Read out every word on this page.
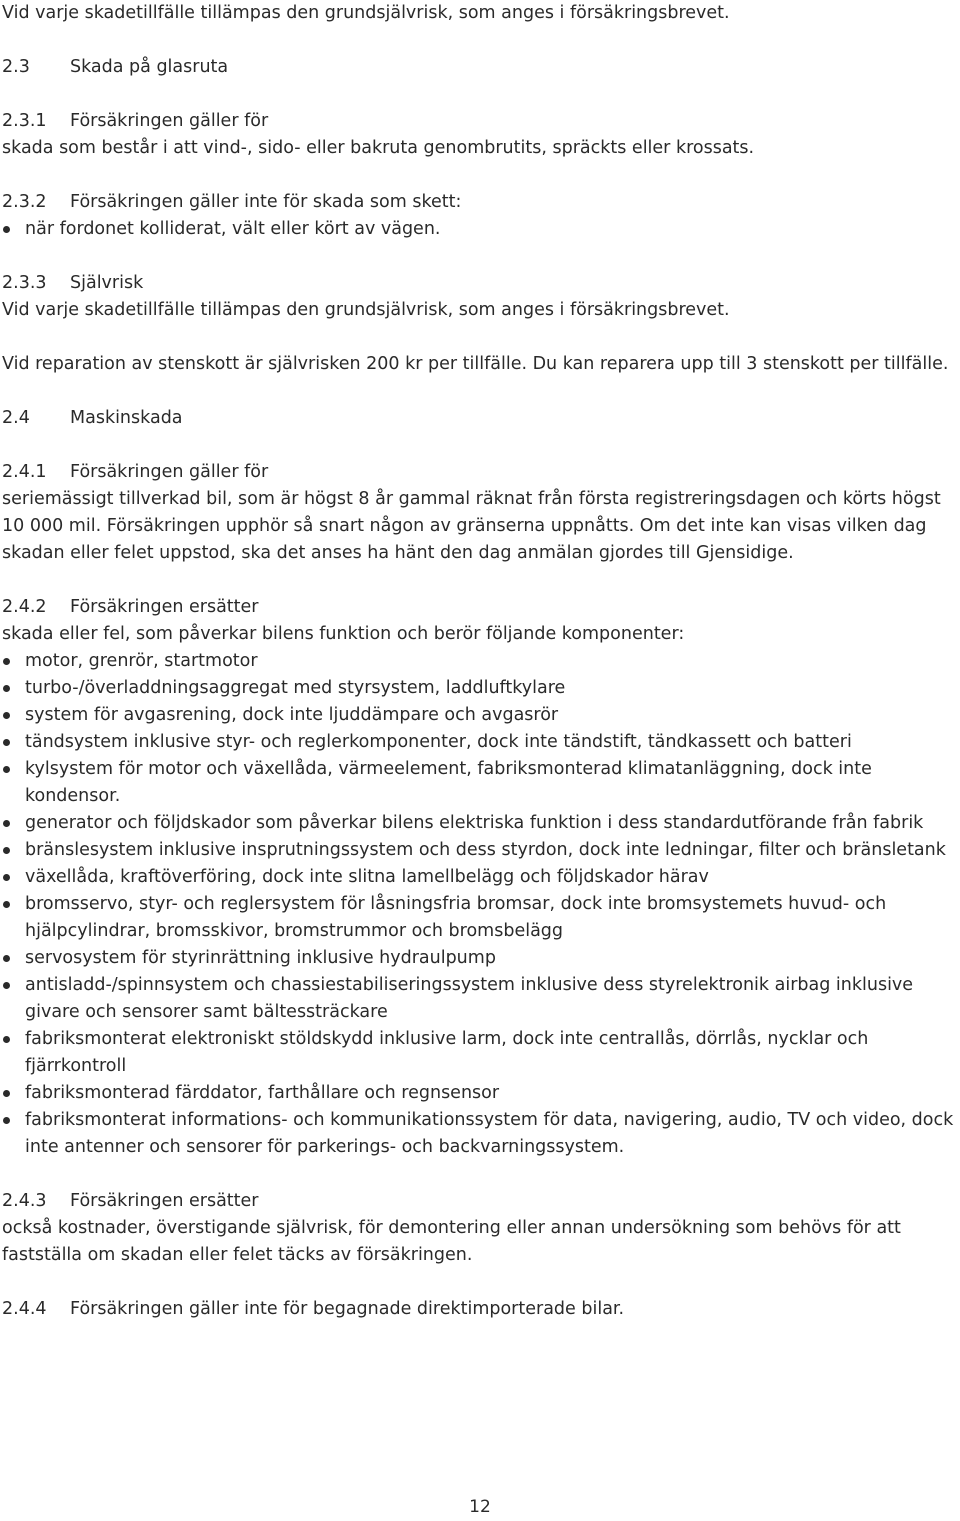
Vid varje skadetillfälle tillämpas den grundsjälvrisk, som anges i försäkringsbrevet.

2.3	Skada på glasruta

2.3.1	Försäkringen gäller för

skada som består i att vind-, sido- eller bakruta genombrutits, spräckts eller krossats.

2.3.2	Försäkringen gäller inte för skada som skett:

när fordonet kolliderat, vält eller kört av vägen.

2.3.3	Självrisk

Vid varje skadetillfälle tillämpas den grundsjälvrisk, som anges i försäkringsbrevet.

Vid reparation av stenskott är självrisken 200 kr per tillfälle. Du kan reparera upp till 3 stenskott per tillfälle.

2.4	Maskinskada

2.4.1	Försäkringen gäller för

seriemässigt tillverkad bil, som är högst 8 år gammal räknat från första registreringsdagen och körts högst 10 000 mil. Försäkringen upphör så snart någon av gränserna uppnåtts. Om det inte kan visas vilken dag skadan eller felet uppstod, ska det anses ha hänt den dag anmälan gjordes till Gjensidige.

2.4.2	Försäkringen ersätter

skada eller fel, som påverkar bilens funktion och berör följande komponenter:

motor, grenrör, startmotor
turbo-/överladdningsaggregat med styrsystem, laddluftkylare
system för avgasrening, dock inte ljuddämpare och avgasrör
tändsystem inklusive styr- och reglerkomponenter, dock inte tändstift, tändkassett och batteri
kylsystem för motor och växellåda, värmeelement, fabriksmonterad klimatanläggning, dock inte kondensor.
generator och följdskador som påverkar bilens elektriska funktion i dess standardutförande från fabrik
bränslesystem inklusive insprutningssystem och dess styrdon, dock inte ledningar, filter och bränsletank
växellåda, kraftöverföring, dock inte slitna lamellbelägg och följdskador härav
bromsservo, styr- och reglersystem för låsningsfria bromsar, dock inte bromsystemets huvud- och hjälpcylindrar, bromsskivor, bromstrummor och bromsbelägg
servosystem för styrinrättning inklusive hydraulpump
antisladd-/spinnsystem och chassiestabiliseringssystem inklusive dess styrelektronik airbag inklusive givare och sensorer samt bältessträckare
fabriksmonterat elektroniskt stöldskydd inklusive larm, dock inte centrallås, dörrlås, nycklar och fjärrkontroll
fabriksmonterad färddator, farthållare och regnsensor
fabriksmonterat informations- och kommunikationssystem för data, navigering, audio, TV och video, dock inte antenner och sensorer för parkerings- och backvarningssystem.

2.4.3	Försäkringen ersätter

också kostnader, överstigande självrisk, för demontering eller annan undersökning som behövs för att fastställa om skadan eller felet täcks av försäkringen.

2.4.4	Försäkringen gäller inte för begagnade direktimporterade bilar.

12
